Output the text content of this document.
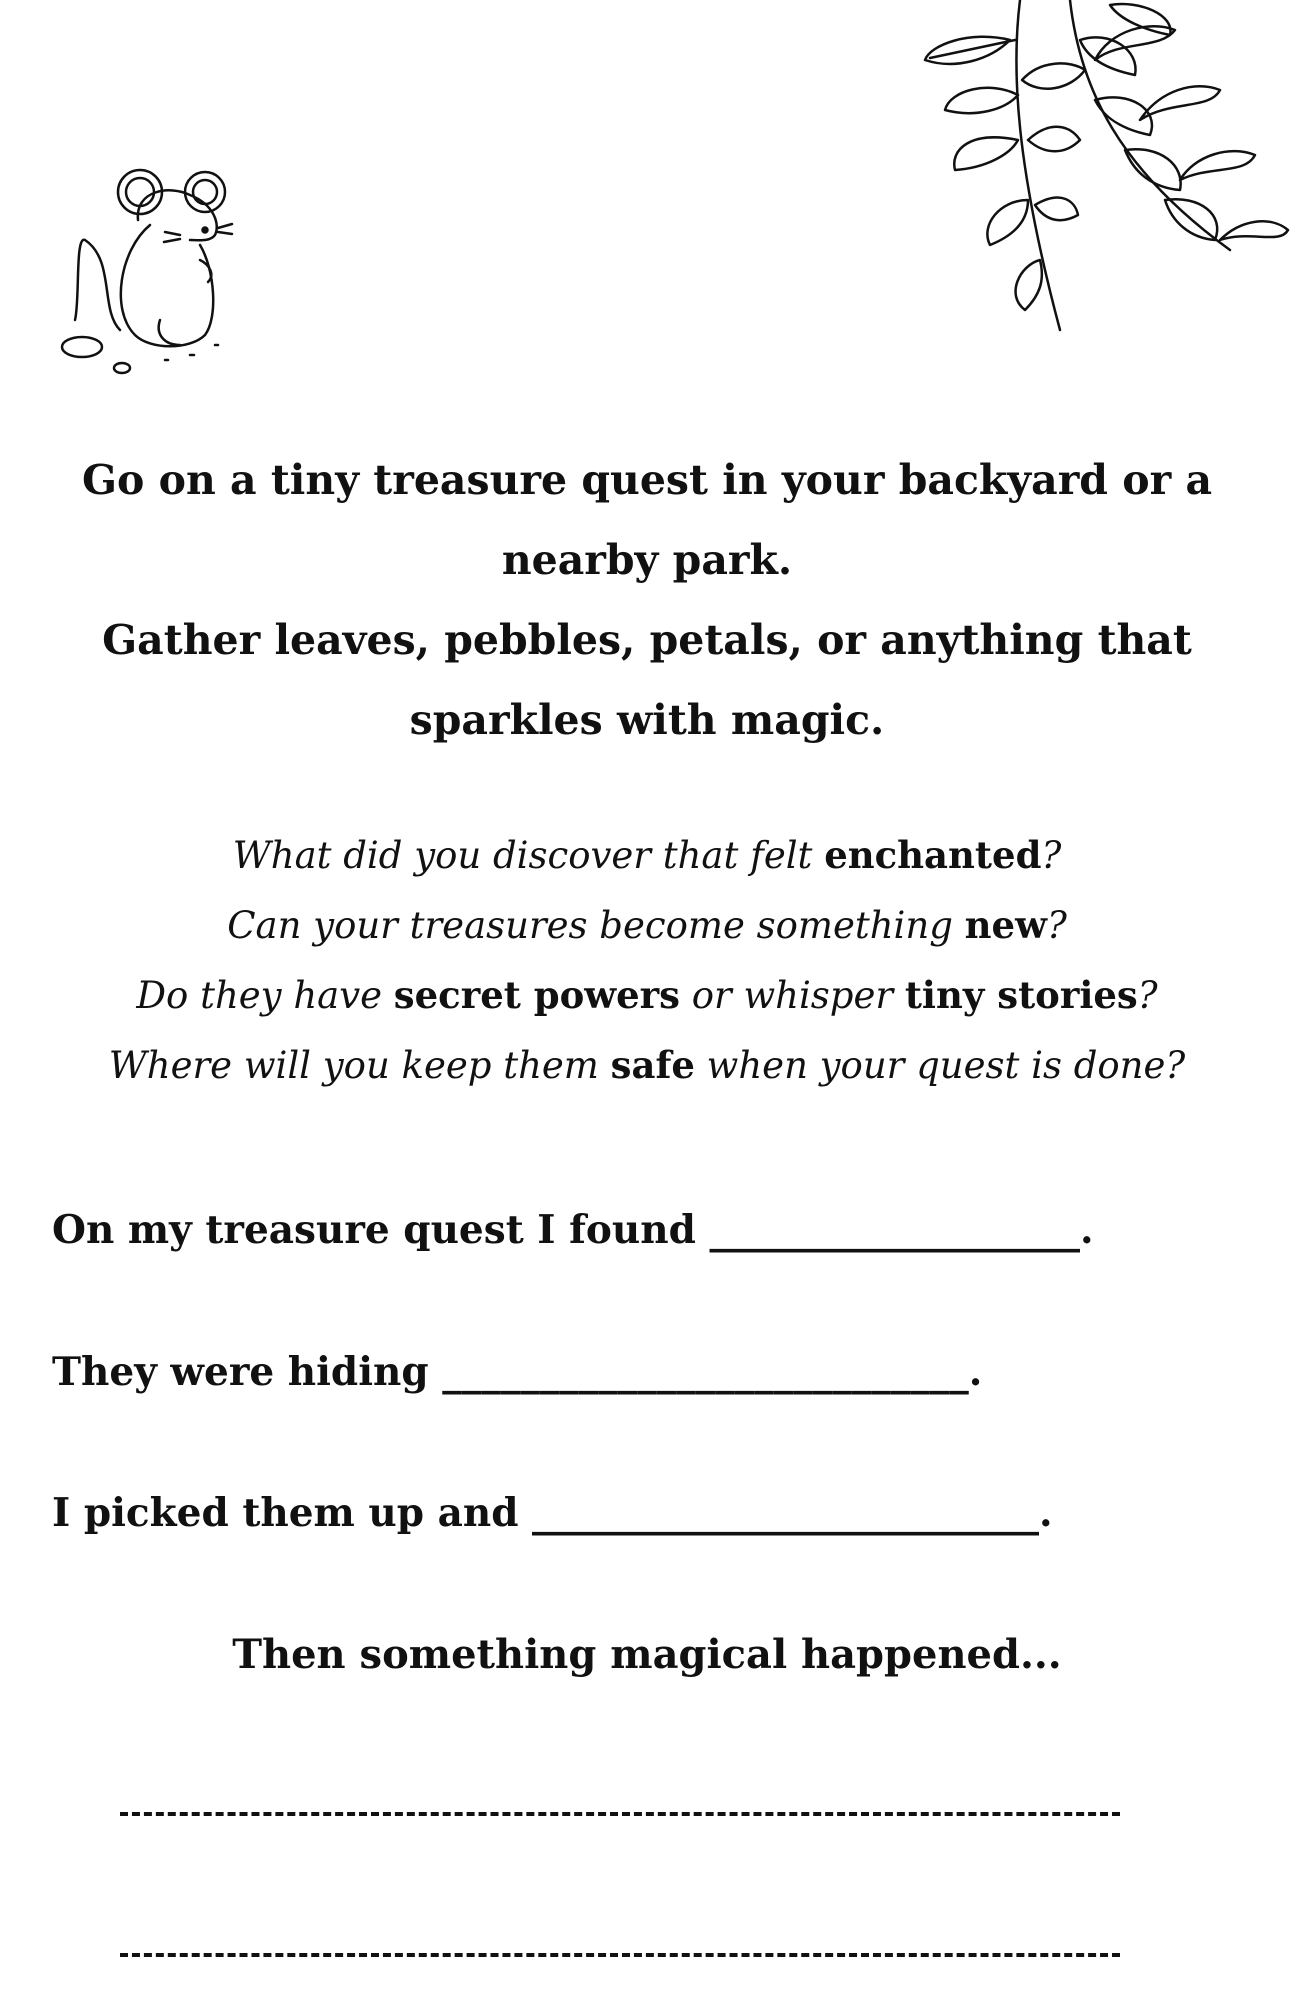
Go on a tiny treasure quest in your backyard or a nearby park.
Gather leaves, pebbles, petals, or anything that sparkles with magic.
What did you discover that felt enchanted?
Can your treasures become something new?
Do they have secret powers or whisper tiny stories?
Where will you keep them safe when your quest is done?
On my treasure quest I found ___________________.
They were hiding ___________________________.
I picked them up and __________________________.
Then something magical happened...
